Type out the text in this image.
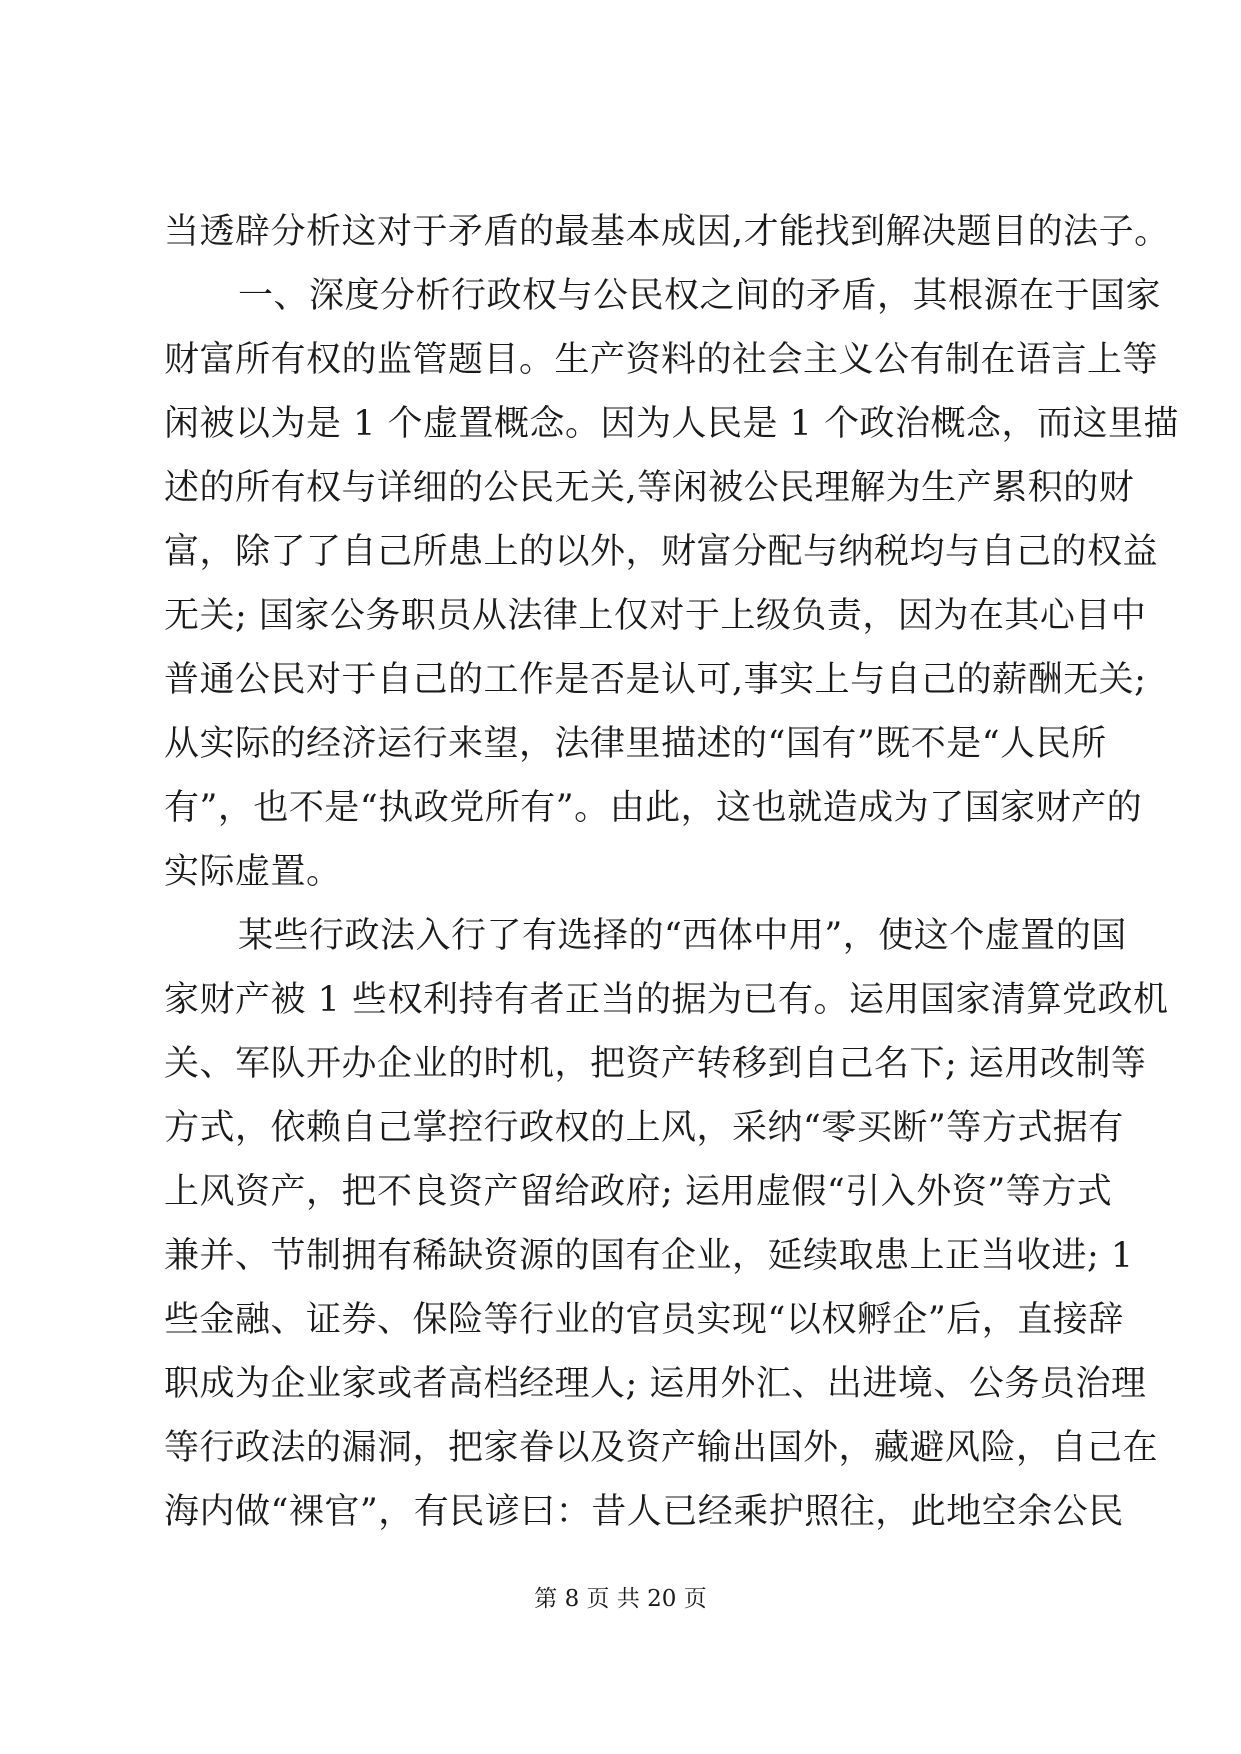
当透辟分析这对于矛盾的最基本成因,才能找到解决题目的法子。
一、深度分析行政权与公民权之间的矛盾，其根源在于国家
财富所有权的监管题目。生产资料的社会主义公有制在语言上等
闲被以为是 1 个虚置概念。因为人民是 1 个政治概念，而这里描
述的所有权与详细的公民无关,等闲被公民理解为生产累积的财
富，除了了自己所患上的以外，财富分配与纳税均与自己的权益
无关; 国家公务职员从法律上仅对于上级负责，因为在其心目中
普通公民对于自己的工作是否是认可,事实上与自己的薪酬无关;
从实际的经济运行来望，法律里描述的“国有”既不是“人民所
有”，也不是“执政党所有”。由此，这也就造成为了国家财产的
实际虚置。
某些行政法入行了有选择的“西体中用”，使这个虚置的国
家财产被 1 些权利持有者正当的据为已有。运用国家清算党政机
关、军队开办企业的时机，把资产转移到自己名下; 运用改制等
方式，依赖自己掌控行政权的上风，采纳“零买断”等方式据有
上风资产，把不良资产留给政府; 运用虚假“引入外资”等方式
兼并、节制拥有稀缺资源的国有企业，延续取患上正当收进; 1
些金融、证券、保险等行业的官员实现“以权孵企”后，直接辞
职成为企业家或者高档经理人; 运用外汇、出进境、公务员治理
等行政法的漏洞，把家眷以及资产输出国外，藏避风险，自己在
海内做“裸官”，有民谚曰：昔人已经乘护照往，此地空余公民
第 8 页 共 20 页
